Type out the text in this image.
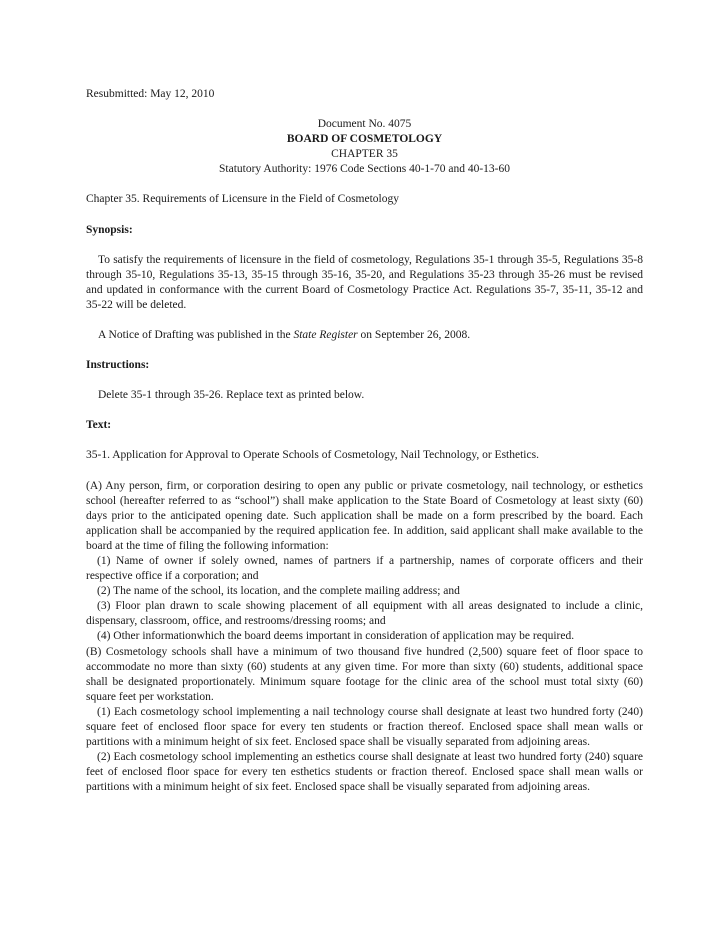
Resubmitted: May 12, 2010

Document No. 4075

BOARD OF COSMETOLOGY

CHAPTER 35

Statutory Authority: 1976 Code Sections 40-1-70 and 40-13-60

Chapter 35. Requirements of Licensure in the Field of Cosmetology

Synopsis:

To satisfy the requirements of licensure in the field of cosmetology, Regulations 35-1 through 35-5, Regulations 35-8 through 35-10, Regulations 35-13, 35-15 through 35-16, 35-20, and Regulations 35-23 through 35-26 must be revised and updated in conformance with the current Board of Cosmetology Practice Act. Regulations 35-7, 35-11, 35-12 and 35-22 will be deleted.

A Notice of Drafting was published in the State Register on September 26, 2008.

Instructions:

Delete 35-1 through 35-26. Replace text as printed below.

Text:

35-1. Application for Approval to Operate Schools of Cosmetology, Nail Technology, or Esthetics.

(A) Any person, firm, or corporation desiring to open any public or private cosmetology, nail technology, or esthetics school (hereafter referred to as “school”) shall make application to the State Board of Cosmetology at least sixty (60) days prior to the anticipated opening date. Such application shall be made on a form prescribed by the board. Each application shall be accompanied by the required application fee. In addition, said applicant shall make available to the board at the time of filing the following information:

(1) Name of owner if solely owned, names of partners if a partnership, names of corporate officers and their respective office if a corporation; and

(2) The name of the school, its location, and the complete mailing address; and

(3) Floor plan drawn to scale showing placement of all equipment with all areas designated to include a clinic, dispensary, classroom, office, and restrooms/dressing rooms; and

(4) Other informationwhich the board deems important in consideration of application may be required.

(B) Cosmetology schools shall have a minimum of two thousand five hundred (2,500) square feet of floor space to accommodate no more than sixty (60) students at any given time. For more than sixty (60) students, additional space shall be designated proportionately. Minimum square footage for the clinic area of the school must total sixty (60) square feet per workstation.

(1) Each cosmetology school implementing a nail technology course shall designate at least two hundred forty (240) square feet of enclosed floor space for every ten students or fraction thereof. Enclosed space shall mean walls or partitions with a minimum height of six feet. Enclosed space shall be visually separated from adjoining areas.

(2) Each cosmetology school implementing an esthetics course shall designate at least two hundred forty (240) square feet of enclosed floor space for every ten esthetics students or fraction thereof. Enclosed space shall mean walls or partitions with a minimum height of six feet. Enclosed space shall be visually separated from adjoining areas.
